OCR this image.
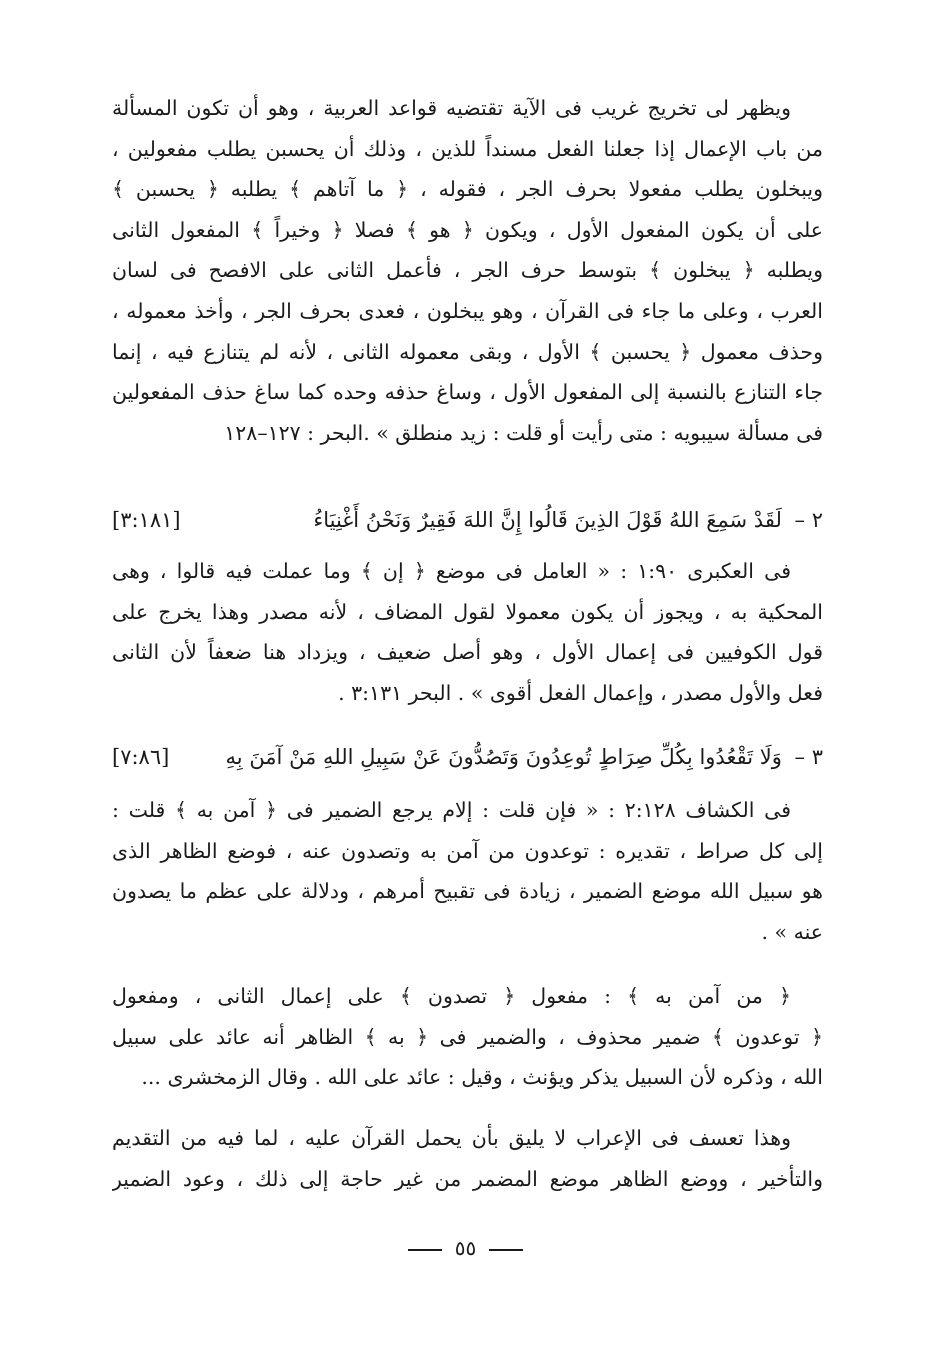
ويظهر لى تخريج غريب فى الآية تقتضيه قواعد العربية ، وهو أن تكون المسألة
من باب الإعمال إذا جعلنا الفعل مسنداً للذين ، وذلك أن يحسبن يطلب مفعولين ،
ويبخلون يطلب مفعولا بحرف الجر ، فقوله ، ﴿ ما آتاهم ﴾ يطلبه ﴿ يحسبن ﴾
على أن يكون المفعول الأول ، ويكون ﴿ هو ﴾ فصلا ﴿ وخيراً ﴾ المفعول الثانى
ويطلبه ﴿ يبخلون ﴾ بتوسط حرف الجر ، فأعمل الثانى على الافصح فى لسان
العرب ، وعلى ما جاء فى القرآن ، وهو يبخلون ، فعدى بحرف الجر ، وأخذ معموله ،
وحذف معمول ﴿ يحسبن ﴾ الأول ، وبقى معموله الثانى ، لأنه لم يتنازع فيه ، إنما
جاء التنازع بالنسبة إلى المفعول الأول ، وساغ حذفه وحده كما ساغ حذف المفعولين
فى مسألة سيبويه : متى رأيت أو قلت : زيد منطلق » .البحر : ١٢٧–١٢٨
٢ – لَقَدْ سَمِعَ اللهُ قَوْلَ الذِينَ قَالُوا إِنَّ اللهَ فَقِيرٌ وَنَحْنُ أَغْنِيَاءُ
[٣:١٨١]
فى العكبرى ١:٩٠ : « العامل فى موضع ﴿ إن ﴾ وما عملت فيه قالوا ، وهى
المحكية به ، ويجوز أن يكون معمولا لقول المضاف ، لأنه مصدر وهذا يخرج على
قول الكوفيين فى إعمال الأول ، وهو أصل ضعيف ، ويزداد هنا ضعفاً لأن الثانى
فعل والأول مصدر ، وإعمال الفعل أقوى » . البحر ٣:١٣١ .
٣ – وَلَا تَقْعُدُوا بِكُلِّ صِرَاطٍ تُوعِدُونَ وَتَصُدُّونَ عَنْ سَبِيلِ اللهِ مَنْ آمَنَ بِهِ
[٧:٨٦]
فى الكشاف ٢:١٢٨ : « فإن قلت : إلام يرجع الضمير فى ﴿ آمن به ﴾ قلت :
إلى كل صراط ، تقديره : توعدون من آمن به وتصدون عنه ، فوضع الظاهر الذى
هو سبيل الله موضع الضمير ، زيادة فى تقبيح أمرهم ، ودلالة على عظم ما يصدون
عنه » .
﴿ من آمن به ﴾ : مفعول ﴿ تصدون ﴾ على إعمال الثانى ، ومفعول
﴿ توعدون ﴾ ضمير محذوف ، والضمير فى ﴿ به ﴾ الظاهر أنه عائد على سبيل
الله ، وذكره لأن السبيل يذكر ويؤنث ، وقيل : عائد على الله . وقال الزمخشرى ...
وهذا تعسف فى الإعراب لا يليق بأن يحمل القرآن عليه ، لما فيه من التقديم
والتأخير ، ووضع الظاهر موضع المضمر من غير حاجة إلى ذلك ، وعود الضمير
٥٥
